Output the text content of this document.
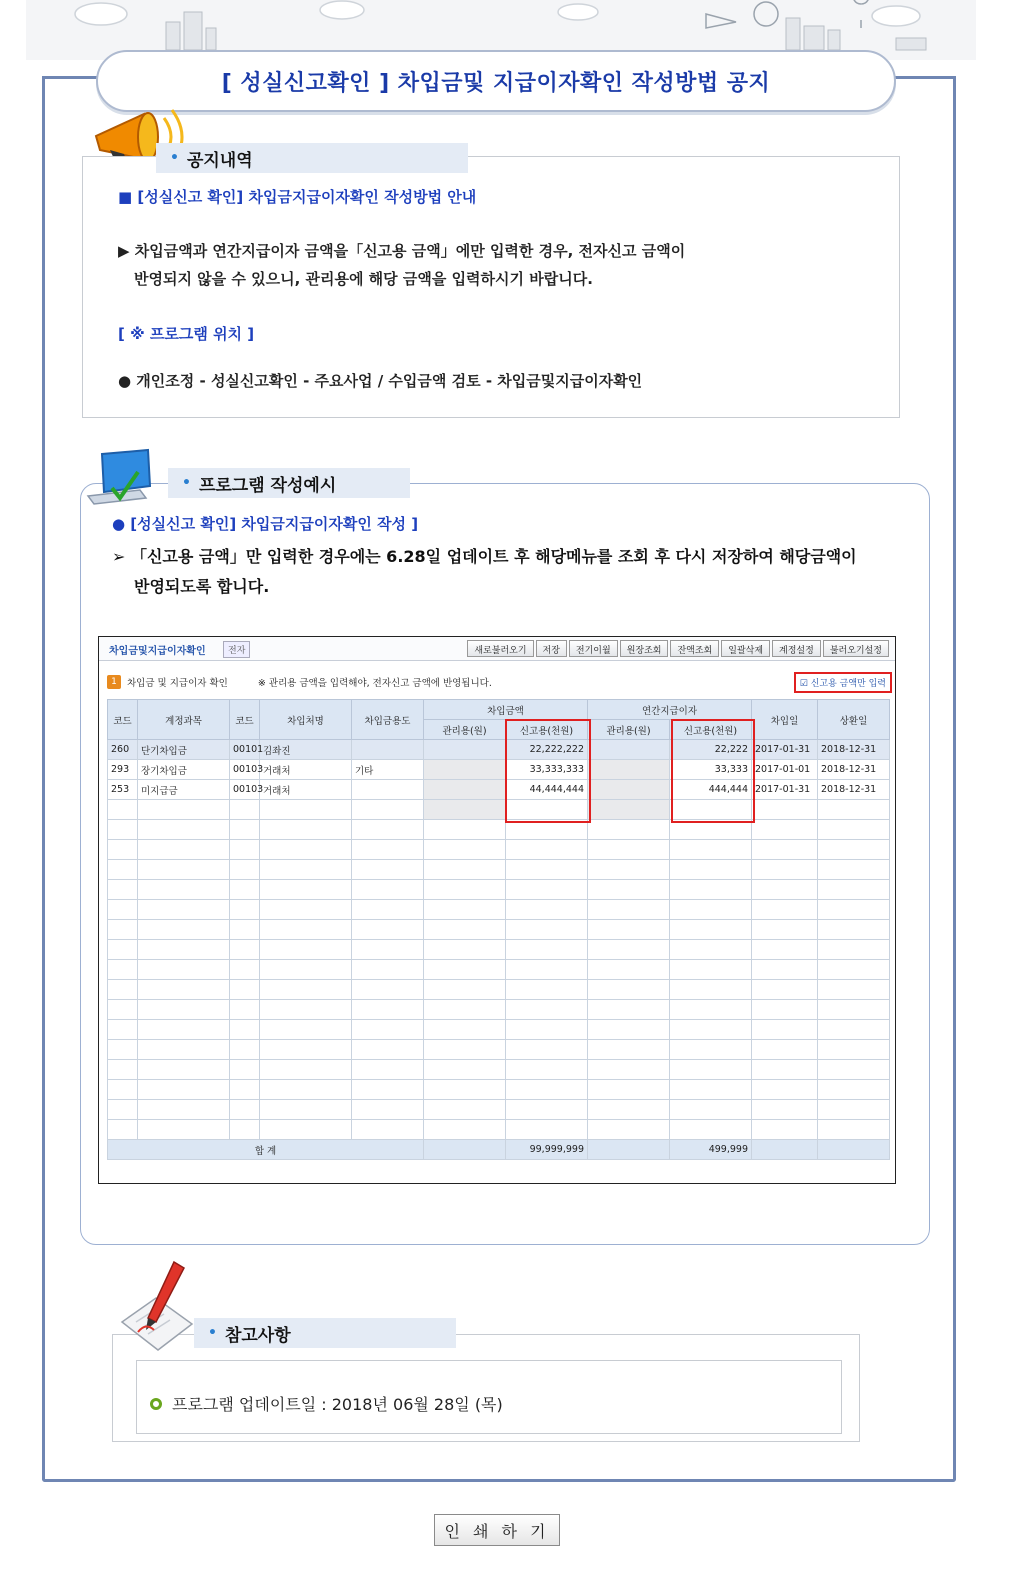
[ 성실신고확인 ] 차입금및 지급이자확인 작성방법 공지
• 공지내역
■ [성실신고 확인] 차입금지급이자확인 작성방법 안내
▶ 차입금액과 연간지급이자 금액을「신고용 금액」에만 입력한 경우, 전자신고 금액이
반영되지 않을 수 있으니, 관리용에 해당 금액을 입력하시기 바랍니다.
[ ※ 프로그램 위치 ]
● 개인조정 - 성실신고확인 - 주요사업 / 수입금액 검토 - 차입금및지급이자확인
• 프로그램 작성예시
● [성실신고 확인] 차입금지급이자확인 작성 ]
➢ 「신고용 금액」만 입력한 경우에는 6.28일 업데이트 후 해당메뉴를 조회 후 다시 저장하여 해당금액이
반영되도록 합니다.
차입금및지급이자확인	전자	새로불러오기	저장	전기이월	원장조회	잔액조회	일괄삭제	계정설정	불러오기설정
1	차입금 및 지급이자 확인	※ 관리용 금액을 입력해야, 전자신고 금액에 반영됩니다.	☑ 신고용 금액만 입력
코드	계정과목	코드	차입처명	차입금용도	차입금액		연간지급이자		차입일	상환일
					관리용(원)	신고용(천원)	관리용(원)	신고용(천원)		
260	단기차입금	00101	김좌진			22,222,222		22,222	2017-01-31	2018-12-31
293	장기차입금	00103	거래처	기타		33,333,333		33,333	2017-01-01	2018-12-31
253	미지급금	00103	거래처			44,444,444		444,444	2017-01-31	2018-12-31

합 계						99,999,999		499,999		
• 참고사항
프로그램 업데이트일 : 2018년 06월 28일 (목)
인 쇄 하 기
